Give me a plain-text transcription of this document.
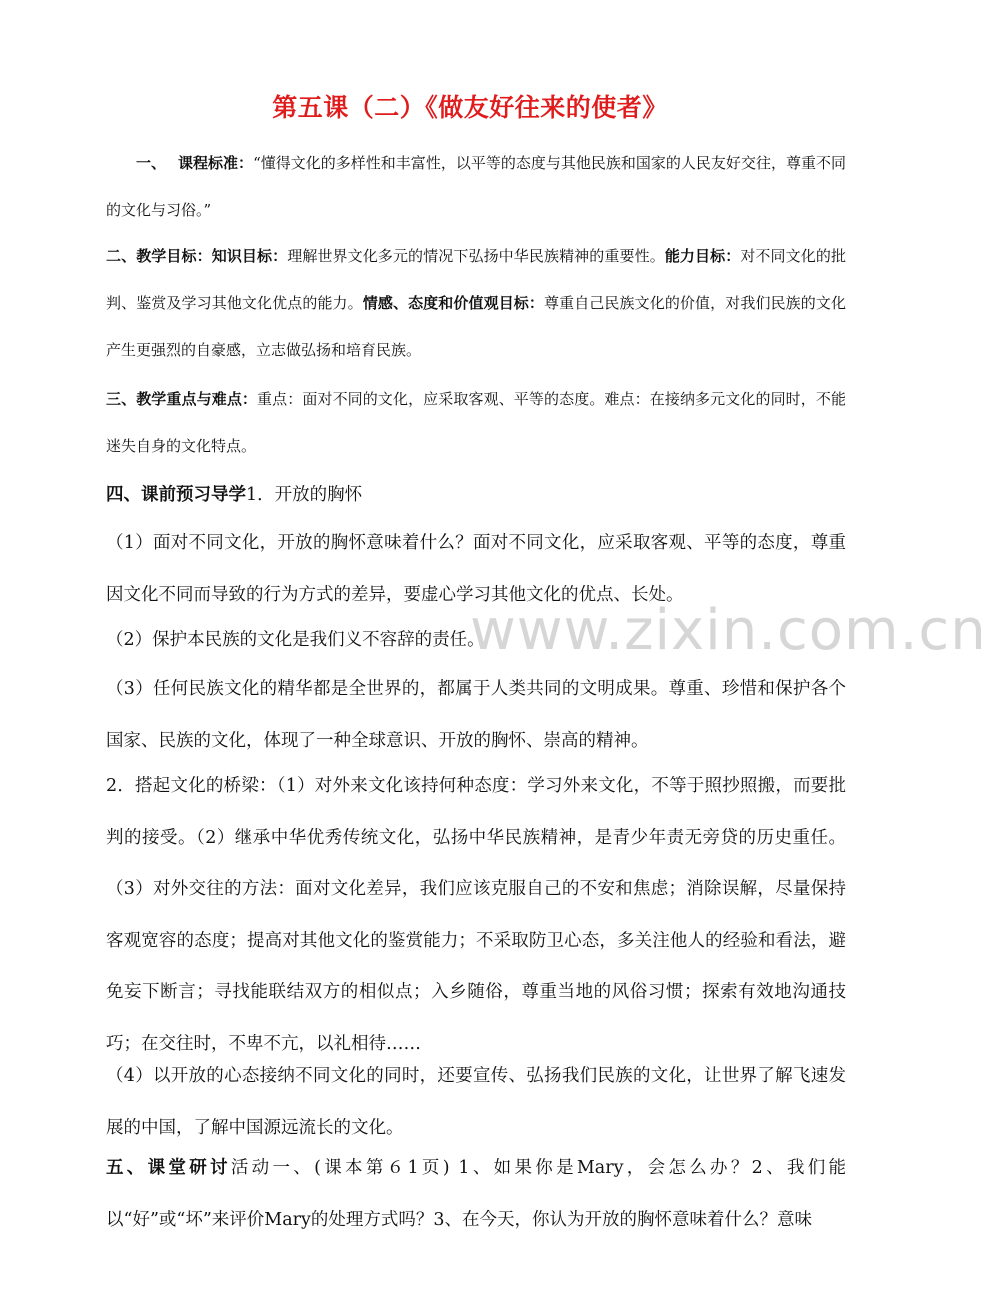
第五课（二）《做友好往来的使者》
www.zixin.com.cn

一、 课程标准：“懂得文化的多样性和丰富性，以平等的态度与其他民族和国家的人民友好交往，尊重不同的文化与习俗。”

二、教学目标：知识目标：理解世界文化多元的情况下弘扬中华民族精神的重要性。能力目标：对不同文化的批判、鉴赏及学习其他文化优点的能力。情感、态度和价值观目标：尊重自己民族文化的价值，对我们民族的文化产生更强烈的自豪感，立志做弘扬和培育民族。

三、教学重点与难点：重点：面对不同的文化，应采取客观、平等的态度。难点：在接纳多元文化的同时，不能迷失自身的文化特点。

四、课前预习导学1．开放的胸怀

（1）面对不同文化，开放的胸怀意味着什么？面对不同文化，应采取客观、平等的态度，尊重因文化不同而导致的行为方式的差异，要虚心学习其他文化的优点、长处。

（2）保护本民族的文化是我们义不容辞的责任。

（3）任何民族文化的精华都是全世界的，都属于人类共同的文明成果。尊重、珍惜和保护各个国家、民族的文化，体现了一种全球意识、开放的胸怀、崇高的精神。

2．搭起文化的桥梁：（1）对外来文化该持何种态度：学习外来文化，不等于照抄照搬，而要批判的接受。（2）继承中华优秀传统文化，弘扬中华民族精神，是青少年责无旁贷的历史重任。（3）对外交往的方法：面对文化差异，我们应该克服自己的不安和焦虑；消除误解，尽量保持客观宽容的态度；提高对其他文化的鉴赏能力；不采取防卫心态，多关注他人的经验和看法，避免妄下断言；寻找能联结双方的相似点；入乡随俗，尊重当地的风俗习惯；探索有效地沟通技巧；在交往时，不卑不亢，以礼相待……

（4）以开放的心态接纳不同文化的同时，还要宣传、弘扬我们民族的文化，让世界了解飞速发展的中国，了解中国源远流长的文化。

五、课堂研讨活动一、(课本第６1页) 1、如果你是Mary，会怎么办？2、我们能以“好”或“坏”来评价Mary的处理方式吗？3、在今天，你认为开放的胸怀意味着什么？意味
